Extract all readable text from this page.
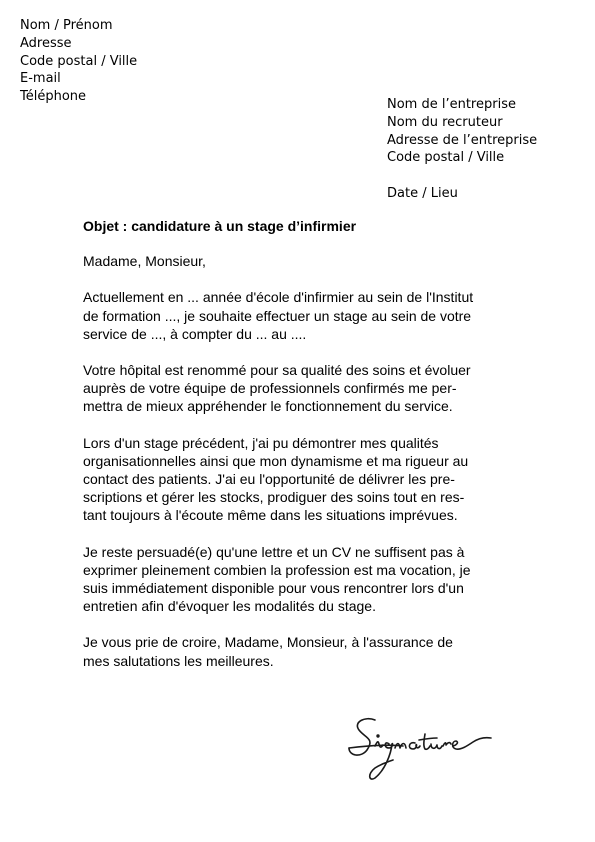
Nom / Prénom
Adresse
Code postal / Ville
E-mail
Téléphone
Nom de l’entreprise
Nom du recruteur
Adresse de l’entreprise
Code postal / Ville
Date / Lieu
Objet : candidature à un stage d’infirmier
Madame, Monsieur,
Actuellement en ... année d'école d'infirmier au sein de l'Institut
de formation ..., je souhaite effectuer un stage au sein de votre
service de ..., à compter du ... au ....
Votre hôpital est renommé pour sa qualité des soins et évoluer
auprès de votre équipe de professionnels confirmés me per-
mettra de mieux appréhender le fonctionnement du service.
Lors d'un stage précédent, j'ai pu démontrer mes qualités
organisationnelles ainsi que mon dynamisme et ma rigueur au
contact des patients. J'ai eu l'opportunité de délivrer les pre-
scriptions et gérer les stocks, prodiguer des soins tout en res-
tant toujours à l'écoute même dans les situations imprévues.
Je reste persuadé(e) qu'une lettre et un CV ne suffisent pas à
exprimer pleinement combien la profession est ma vocation, je
suis immédiatement disponible pour vous rencontrer lors d'un
entretien afin d'évoquer les modalités du stage.
Je vous prie de croire, Madame, Monsieur, à l'assurance de
mes salutations les meilleures.
